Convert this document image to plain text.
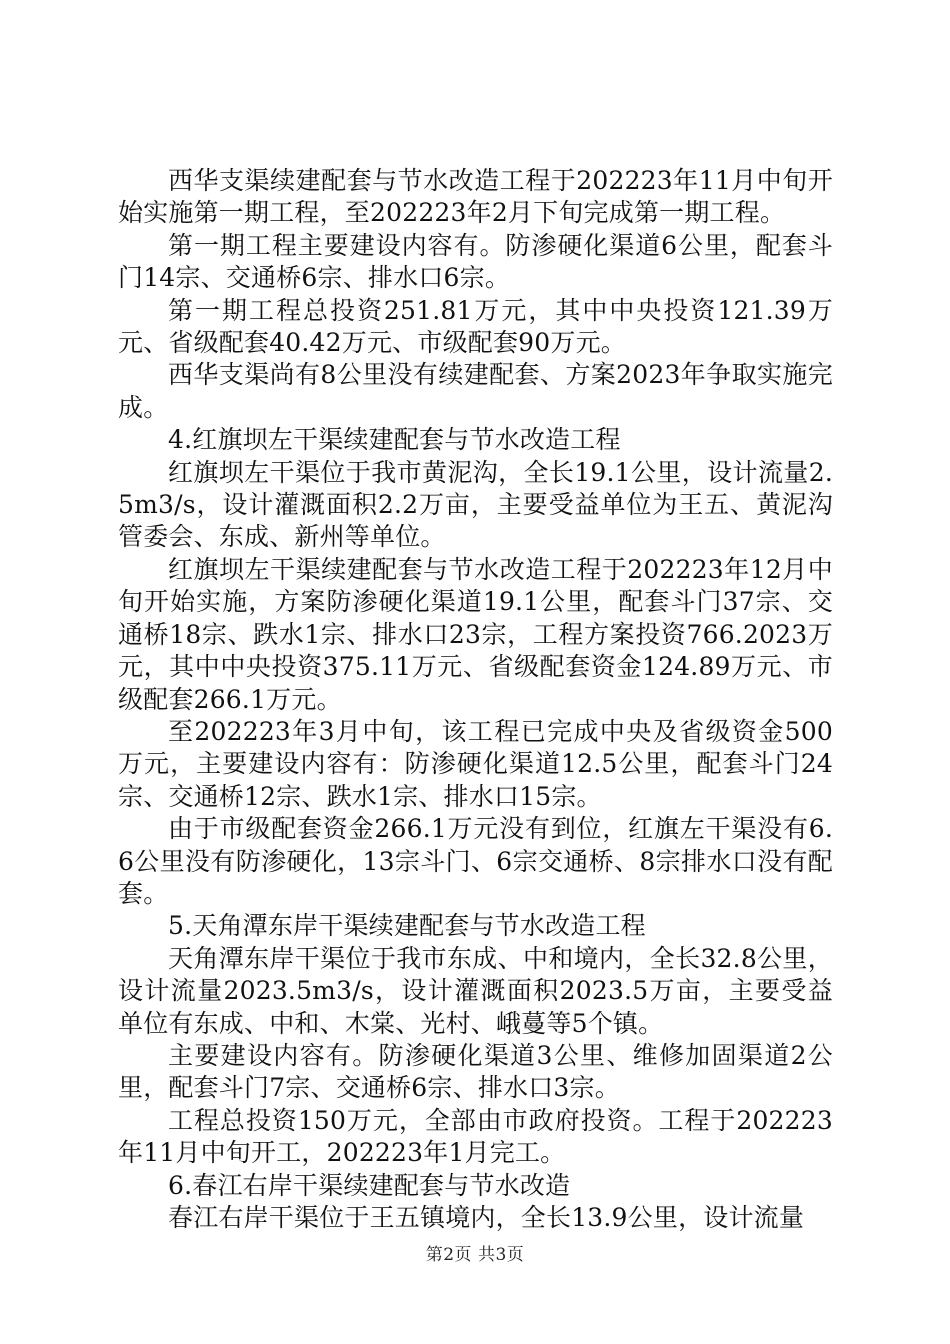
西华支渠续建配套与节水改造工程于202223年11月中旬开始实施第一期工程，至202223年2月下旬完成第一期工程。

第一期工程主要建设内容有。防渗硬化渠道6公里，配套斗门14宗、交通桥6宗、排水口6宗。

第一期工程总投资251.81万元，其中中央投资121.39万元、省级配套40.42万元、市级配套90万元。

西华支渠尚有8公里没有续建配套、方案2023年争取实施完成。

4.红旗坝左干渠续建配套与节水改造工程

红旗坝左干渠位于我市黄泥沟，全长19.1公里，设计流量2.5m3/s，设计灌溉面积2.2万亩，主要受益单位为王五、黄泥沟管委会、东成、新州等单位。

红旗坝左干渠续建配套与节水改造工程于202223年12月中旬开始实施，方案防渗硬化渠道19.1公里，配套斗门37宗、交通桥18宗、跌水1宗、排水口23宗，工程方案投资766.2023万元，其中中央投资375.11万元、省级配套资金124.89万元、市级配套266.1万元。

至202223年3月中旬，该工程已完成中央及省级资金500万元，主要建设内容有：防渗硬化渠道12.5公里，配套斗门24宗、交通桥12宗、跌水1宗、排水口15宗。

由于市级配套资金266.1万元没有到位，红旗左干渠没有6.6公里没有防渗硬化，13宗斗门、6宗交通桥、8宗排水口没有配套。

5.天角潭东岸干渠续建配套与节水改造工程

天角潭东岸干渠位于我市东成、中和境内，全长32.8公里，设计流量2023.5m3/s，设计灌溉面积2023.5万亩，主要受益单位有东成、中和、木棠、光村、峨蔓等5个镇。

主要建设内容有。防渗硬化渠道3公里、维修加固渠道2公里，配套斗门7宗、交通桥6宗、排水口3宗。

工程总投资150万元，全部由市政府投资。工程于202223年11月中旬开工，202223年1月完工。

6.春江右岸干渠续建配套与节水改造

春江右岸干渠位于王五镇境内，全长13.9公里，设计流量

第2页 共3页
